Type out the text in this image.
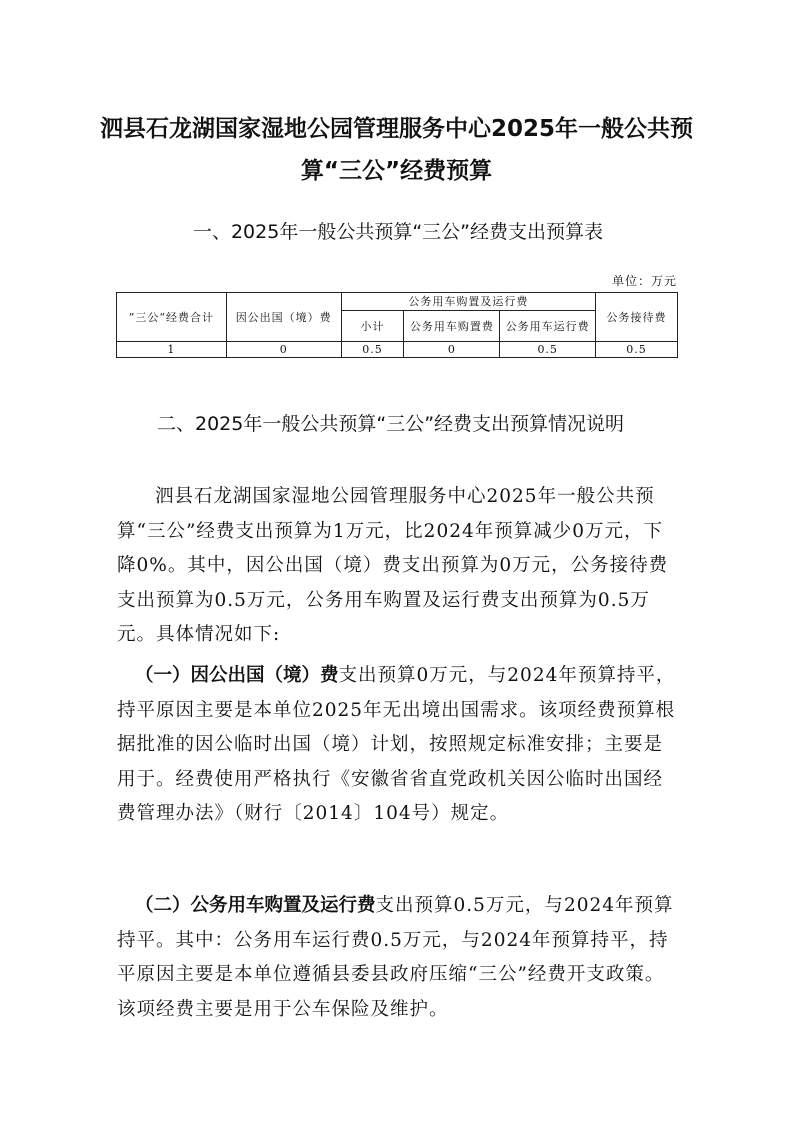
泗县石龙湖国家湿地公园管理服务中心2025年一般公共预算“三公”经费预算
一、2025年一般公共预算“三公”经费支出预算表
单位：万元
”三公“经费合计	因公出国（境）费	公务用车购置及运行费			公务接待费
		小计	公务用车购置费	公务用车运行费	
1	0	0.5	0	0.5	0.5
二、2025年一般公共预算“三公”经费支出预算情况说明

泗县石龙湖国家湿地公园管理服务中心2025年一般公共预算“三公”经费支出预算为1万元，比2024年预算减少0万元，下降0%。其中，因公出国（境）费支出预算为0万元，公务接待费支出预算为0.5万元，公务用车购置及运行费支出预算为0.5万元。具体情况如下:

（一）因公出国（境）费支出预算0万元，与2024年预算持平，持平原因主要是本单位2025年无出境出国需求。该项经费预算根据批准的因公临时出国（境）计划，按照规定标准安排；主要是用于。经费使用严格执行《安徽省省直党政机关因公临时出国经费管理办法》（财行〔2014〕104号）规定。

（二）公务用车购置及运行费支出预算0.5万元，与2024年预算持平。其中：公务用车运行费0.5万元，与2024年预算持平，持平原因主要是本单位遵循县委县政府压缩“三公”经费开支政策。该项经费主要是用于公车保险及维护。
